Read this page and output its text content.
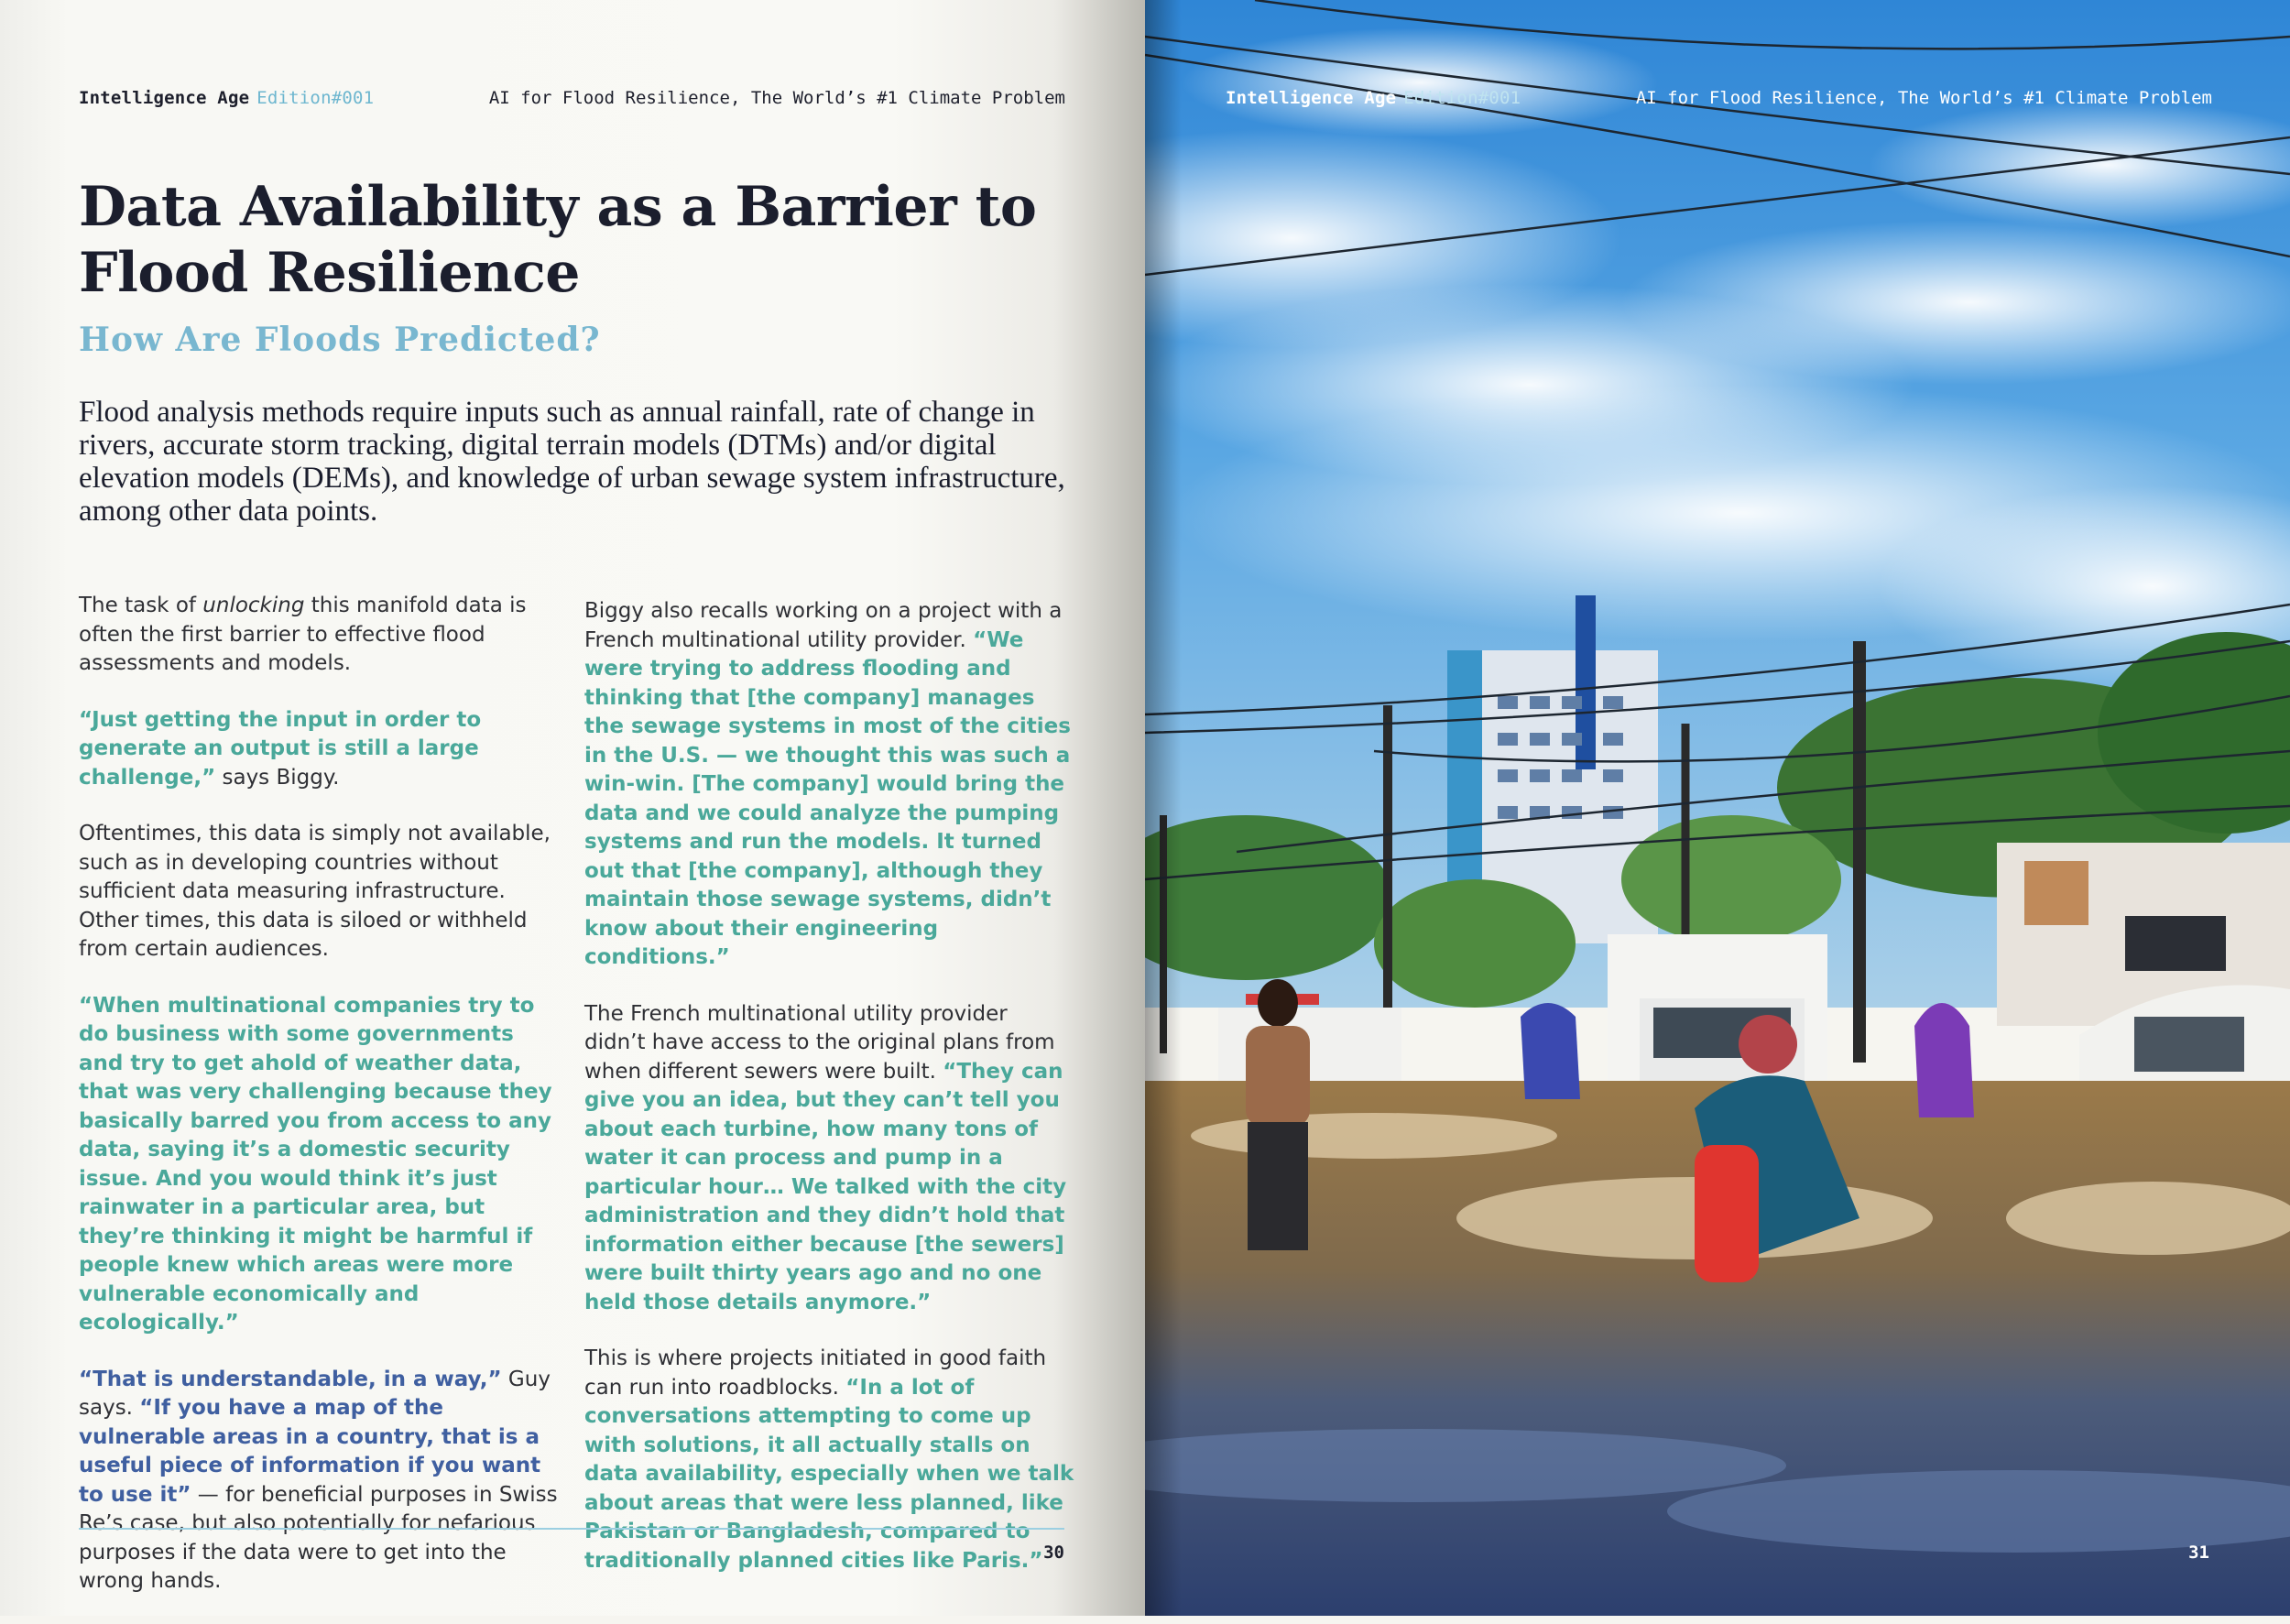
Intelligence Age Edition#001	AI for Flood Resilience, The World’s #1 Climate Problem
Data Availability as a Barrier to Flood Resilience
How Are Floods Predicted?

Flood analysis methods require inputs such as annual rainfall, rate of change in rivers, accurate storm tracking, digital terrain models (DTMs) and/or digital elevation models (DEMs), and knowledge of urban sewage system infrastructure, among other data points.

The task of unlocking this manifold data is often the first barrier to effective flood assessments and models.

“Just getting the input in order to generate an output is still a large challenge,” says Biggy.

Oftentimes, this data is simply not available, such as in developing countries without sufficient data measuring infrastructure. Other times, this data is siloed or withheld from certain audiences.

“When multinational companies try to do business with some governments and try to get ahold of weather data, that was very challenging because they basically barred you from access to any data, saying it’s a domestic security issue. And you would think it’s just rainwater in a particular area, but they’re thinking it might be harmful if people knew which areas were more vulnerable economically and ecologically.”

“That is understandable, in a way,” Guy says. “If you have a map of the vulnerable areas in a country, that is a useful piece of information if you want to use it” — for beneficial purposes in Swiss Re’s case, but also potentially for nefarious purposes if the data were to get into the wrong hands.

Biggy also recalls working on a project with a French multinational utility provider. “We were trying to address flooding and thinking that [the company] manages the sewage systems in most of the cities in the U.S. — we thought this was such a win-win. [The company] would bring the data and we could analyze the pumping systems and run the models. It turned out that [the company], although they maintain those sewage systems, didn’t know about their engineering conditions.”

The French multinational utility provider didn’t have access to the original plans from when different sewers were built. “They can give you an idea, but they can’t tell you about each turbine, how many tons of water it can process and pump in a particular hour… We talked with the city administration and they didn’t hold that information either because [the sewers] were built thirty years ago and no one held those details anymore.”

This is where projects initiated in good faith can run into roadblocks. “In a lot of conversations attempting to come up with solutions, it all actually stalls on data availability, especially when we talk about areas that were less planned, like Pakistan or Bangladesh, compared to traditionally planned cities like Paris.” 30
Intelligence Age Edition#001	AI for Flood Resilience, The World’s #1 Climate Problem
31
